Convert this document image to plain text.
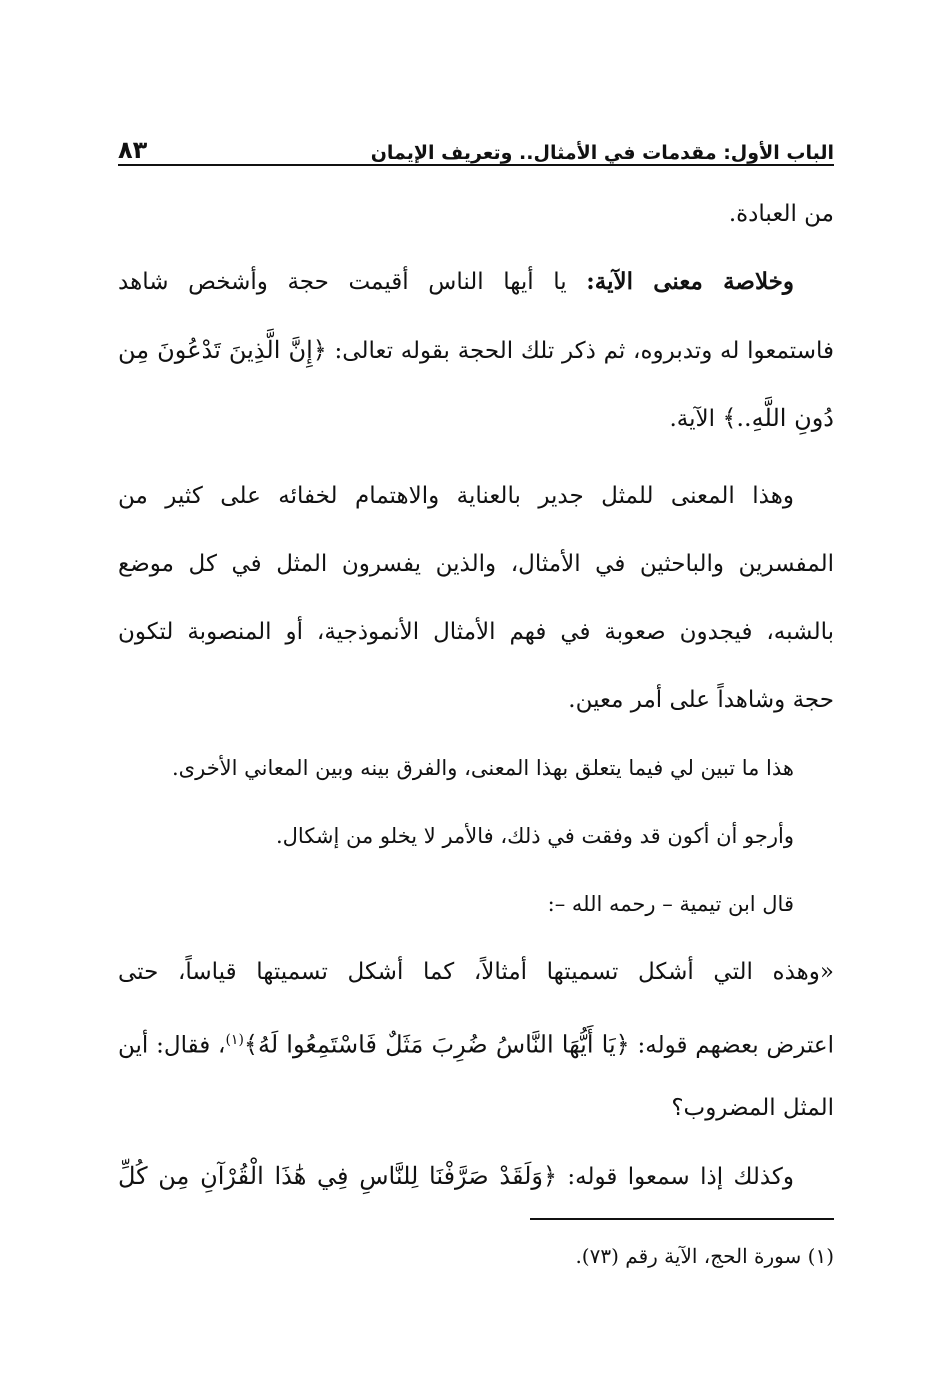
الباب الأول: مقدمات في الأمثال.. وتعريف الإيمان
٨٣
من العبادة.
وخلاصة معنى الآية: يا أيها الناس أقيمت حجة وأشخص شاهد
فاستمعوا له وتدبروه، ثم ذكر تلك الحجة بقوله تعالى: ﴿إِنَّ الَّذِينَ تَدْعُونَ مِن
دُونِ اللَّهِ..﴾ الآية.
وهذا المعنى للمثل جدير بالعناية والاهتمام لخفائه على كثير من
المفسرين والباحثين في الأمثال، والذين يفسرون المثل في كل موضع
بالشبه، فيجدون صعوبة في فهم الأمثال الأنموذجية، أو المنصوبة لتكون
حجة وشاهداً على أمر معين.
هذا ما تبين لي فيما يتعلق بهذا المعنى، والفرق بينه وبين المعاني الأخرى.
وأرجو أن أكون قد وفقت في ذلك، فالأمر لا يخلو من إشكال.
قال ابن تيمية – رحمه الله –:
«وهذه التي أشكل تسميتها أمثالاً، كما أشكل تسميتها قياساً، حتى
اعترض بعضهم قوله: ﴿يَا أَيُّهَا النَّاسُ ضُرِبَ مَثَلٌ فَاسْتَمِعُوا لَهُ﴾$^{(١)}$، فقال: أين
المثل المضروب؟
وكذلك إذا سمعوا قوله: ﴿وَلَقَدْ صَرَّفْنَا لِلنَّاسِ فِي هَٰذَا الْقُرْآنِ مِن كُلِّ
(١) سورة الحج، الآية رقم (٧٣).
